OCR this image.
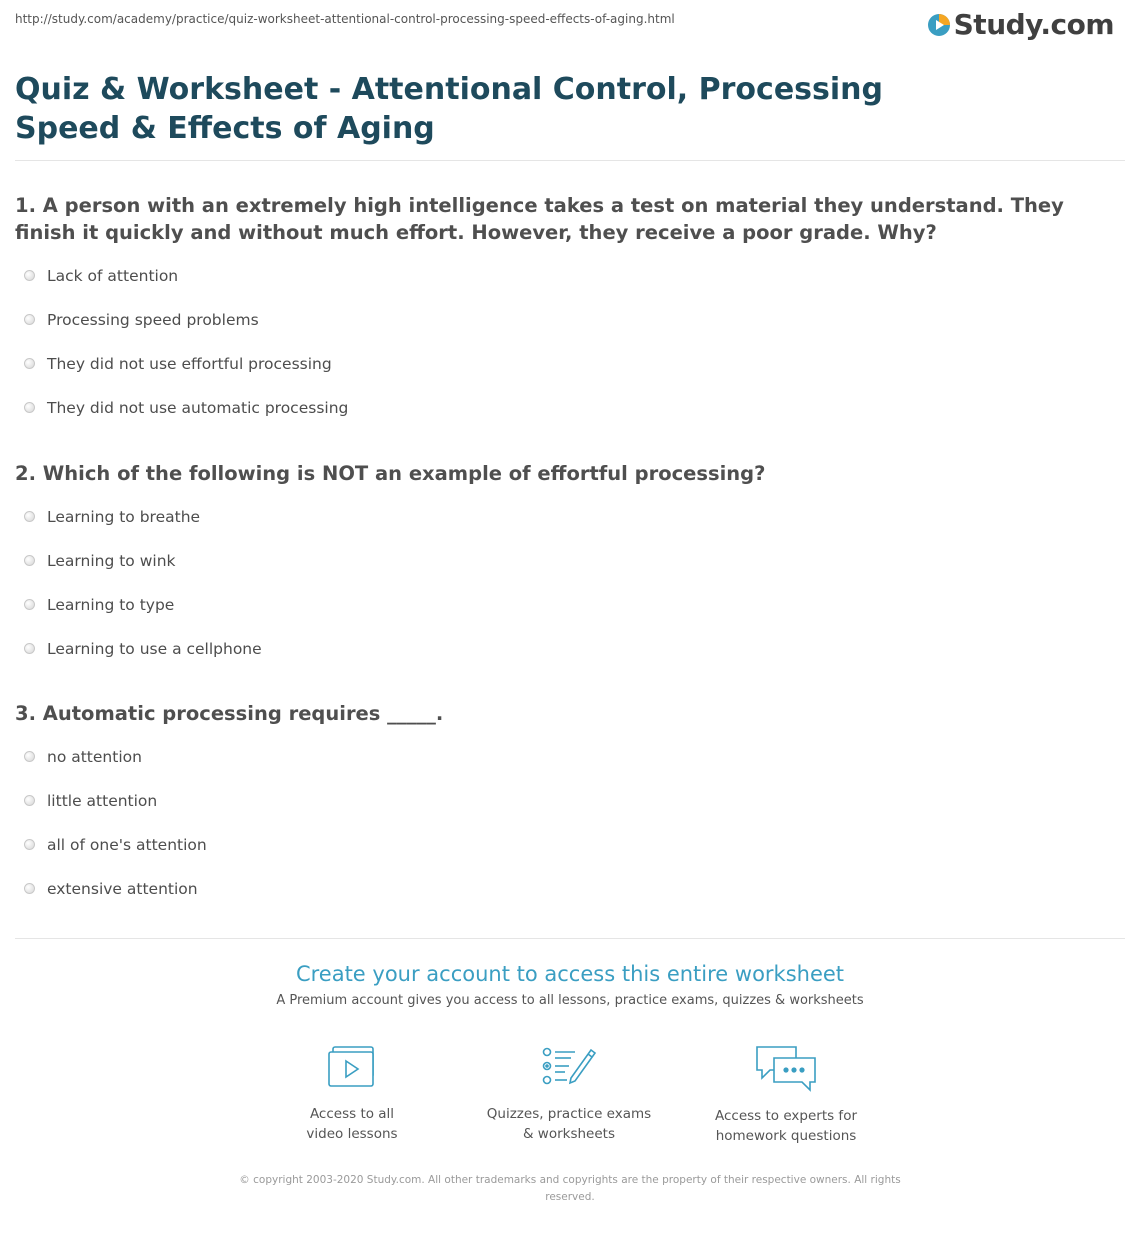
http://study.com/academy/practice/quiz-worksheet-attentional-control-processing-speed-effects-of-aging.html	Study.com
Quiz & Worksheet - Attentional Control, Processing Speed & Effects of Aging

1. A person with an extremely high intelligence takes a test on material they understand. They finish it quickly and without much effort. However, they receive a poor grade. Why?

Lack of attention
Processing speed problems
They did not use effortful processing
They did not use automatic processing

2. Which of the following is NOT an example of effortful processing?

Learning to breathe
Learning to wink
Learning to type
Learning to use a cellphone

3. Automatic processing requires _____.

no attention
little attention
all of one's attention
extensive attention
Create your account to access this entire worksheet
A Premium account gives you access to all lessons, practice exams, quizzes & worksheets
Access to all
video lessons
Quizzes, practice exams
& worksheets
Access to experts for
homework questions
© copyright 2003-2020 Study.com. All other trademarks and copyrights are the property of their respective owners. All rights reserved.
